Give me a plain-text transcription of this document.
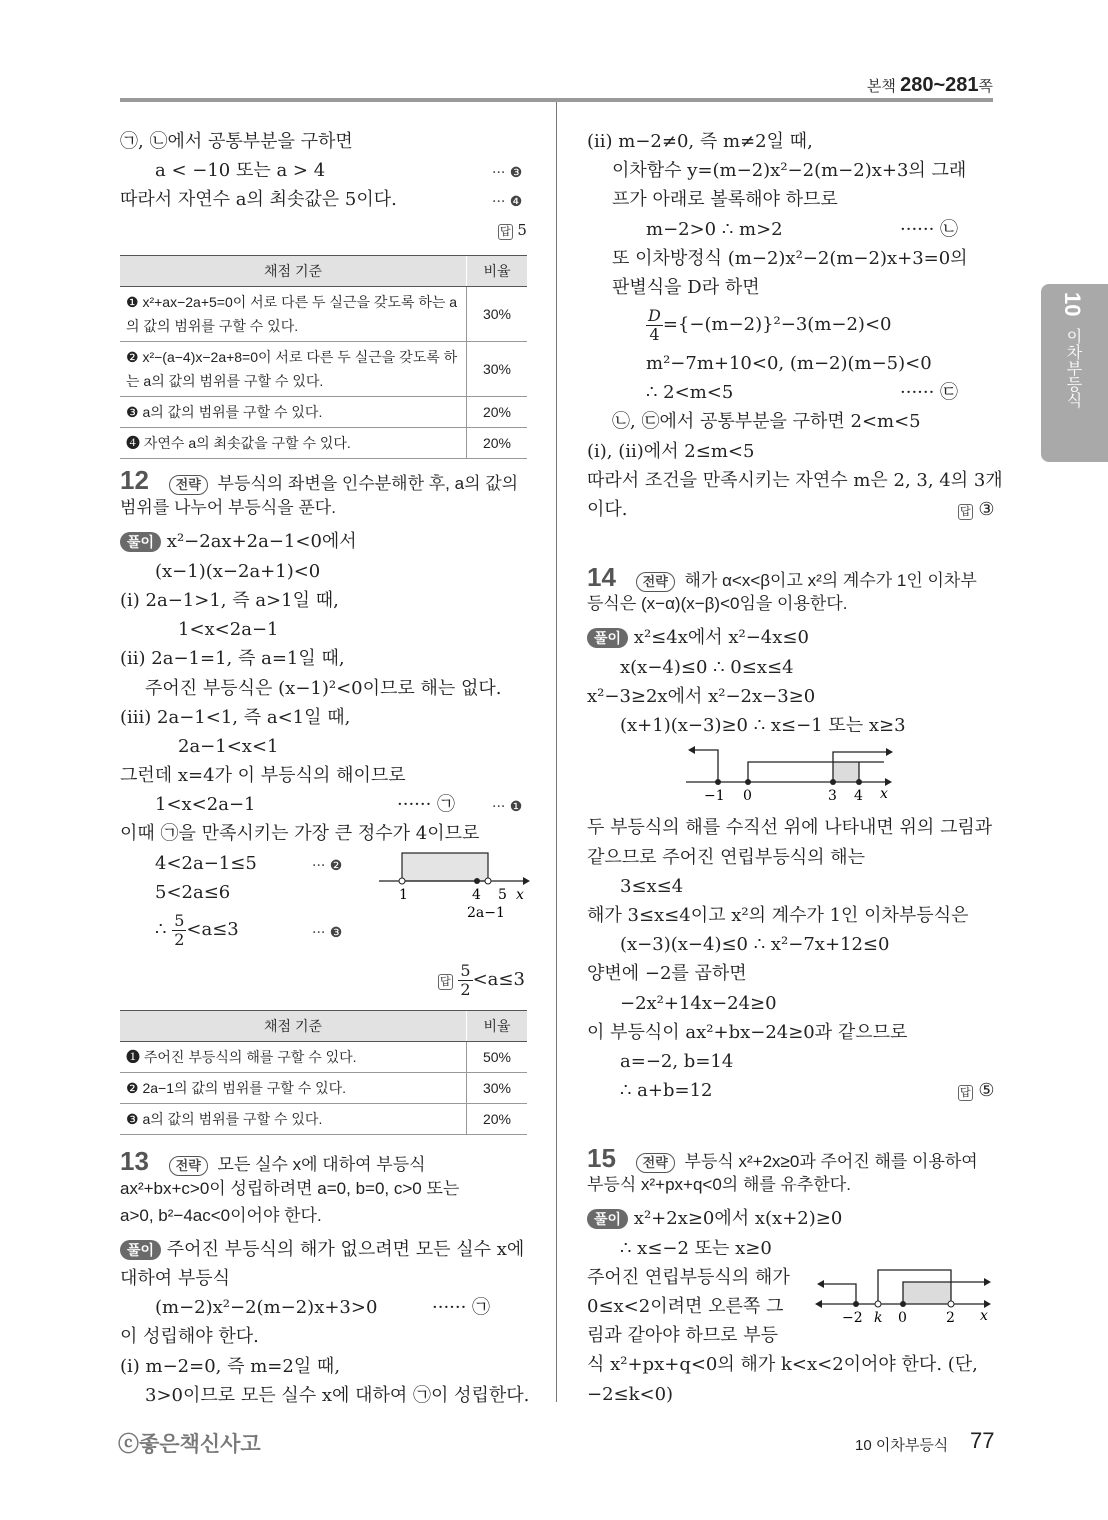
본책 280~281쪽
10
이차부등식
㉠, ㉡에서 공통부분을 구하면
a < −10 또는 a > 4	··· ❸
따라서 자연수 a의 최솟값은 5이다.	··· ❹
답 5
채점 기준	비율
❶ x²+ax−2a+5=0이 서로 다른 두 실근을 갖도록 하는 a의 값의 범위를 구할 수 있다.	30%
❷ x²−(a−4)x−2a+8=0이 서로 다른 두 실근을 갖도록 하는 a의 값의 범위를 구할 수 있다.	30%
❸ a의 값의 범위를 구할 수 있다.	20%
❹ 자연수 a의 최솟값을 구할 수 있다.	20%
12 전략 부등식의 좌변을 인수분해한 후, a의 값의
범위를 나누어 부등식을 푼다.
풀이 x²−2ax+2a−1<0에서
(x−1)(x−2a+1)<0
(ⅰ) 2a−1>1, 즉 a>1일 때,
1<x<2a−1
(ⅱ) 2a−1=1, 즉 a=1일 때,
주어진 부등식은 (x−1)²<0이므로 해는 없다.
(ⅲ) 2a−1<1, 즉 a<1일 때,
2a−1<x<1
그런데 x=4가 이 부등식의 해이므로
1<x<2a−1	······ ㉠	··· ❶
이때 ㉠을 만족시키는 가장 큰 정수가 4이므로
4<2a−1≤5	··· ❷
5<2a≤6
∴ $\frac{5}{2} <a\le 3$	··· ❸
1	4 5 x
2a−1
답 $\frac{5}{2} <a\le 3$
채점 기준	비율
❶ 주어진 부등식의 해를 구할 수 있다.	50%
❷ 2a−1의 값의 범위를 구할 수 있다.	30%
❸ a의 값의 범위를 구할 수 있다.	20%
13 전략 모든 실수 x에 대하여 부등식
ax²+bx+c>0이 성립하려면 a=0, b=0, c>0 또는
a>0, b²−4ac<0이어야 한다.
풀이 주어진 부등식의 해가 없으려면 모든 실수 x에
대하여 부등식
(m−2)x²−2(m−2)x+3>0	······ ㉠
이 성립해야 한다.
(ⅰ) m−2=0, 즉 m=2일 때,
3>0이므로 모든 실수 x에 대하여 ㉠이 성립한다.
(ⅱ) m−2≠0, 즉 m≠2일 때,
이차함수 y=(m−2)x²−2(m−2)x+3의 그래
프가 아래로 볼록해야 하므로
m−2>0 ∴ m>2	······ ㉡
또 이차방정식 (m−2)x²−2(m−2)x+3=0의
판별식을 D라 하면
$\frac{D}{4} =\{-(m-2)\}^2-3(m-2)<0$
m²−7m+10<0, (m−2)(m−5)<0
∴ 2<m<5	······ ㉢
㉡, ㉢에서 공통부분을 구하면 2<m<5
(ⅰ), (ⅱ)에서 2≤m<5
따라서 조건을 만족시키는 자연수 m은 2, 3, 4의 3개
이다.	답 ③
14 전략 해가 α<x<β이고 x²의 계수가 1인 이차부
등식은 (x−α)(x−β)<0임을 이용한다.
풀이 x²≤4x에서 x²−4x≤0
x(x−4)≤0 ∴ 0≤x≤4
x²−3≥2x에서 x²−2x−3≥0
(x+1)(x−3)≥0 ∴ x≤−1 또는 x≥3
−1 0	3 4 x
두 부등식의 해를 수직선 위에 나타내면 위의 그림과
같으므로 주어진 연립부등식의 해는
3≤x≤4
해가 3≤x≤4이고 x²의 계수가 1인 이차부등식은
(x−3)(x−4)≤0 ∴ x²−7x+12≤0
양변에 −2를 곱하면
−2x²+14x−24≥0
이 부등식이 ax²+bx−24≥0과 같으므로
a=−2, b=14
∴ a+b=12	답 ⑤
15 전략 부등식 x²+2x≥0과 주어진 해를 이용하여
부등식 x²+px+q<0의 해를 유추한다.
풀이 x²+2x≥0에서 x(x+2)≥0
∴ x≤−2 또는 x≥0
주어진 연립부등식의 해가
0≤x<2이려면 오른쪽 그
림과 같아야 하므로 부등
식 x²+px+q<0의 해가 k<x<2이어야 한다. (단,
−2≤k<0)
−2 k 0	2 x
ⓒ좋은책신사고	10 이차부등식 77
